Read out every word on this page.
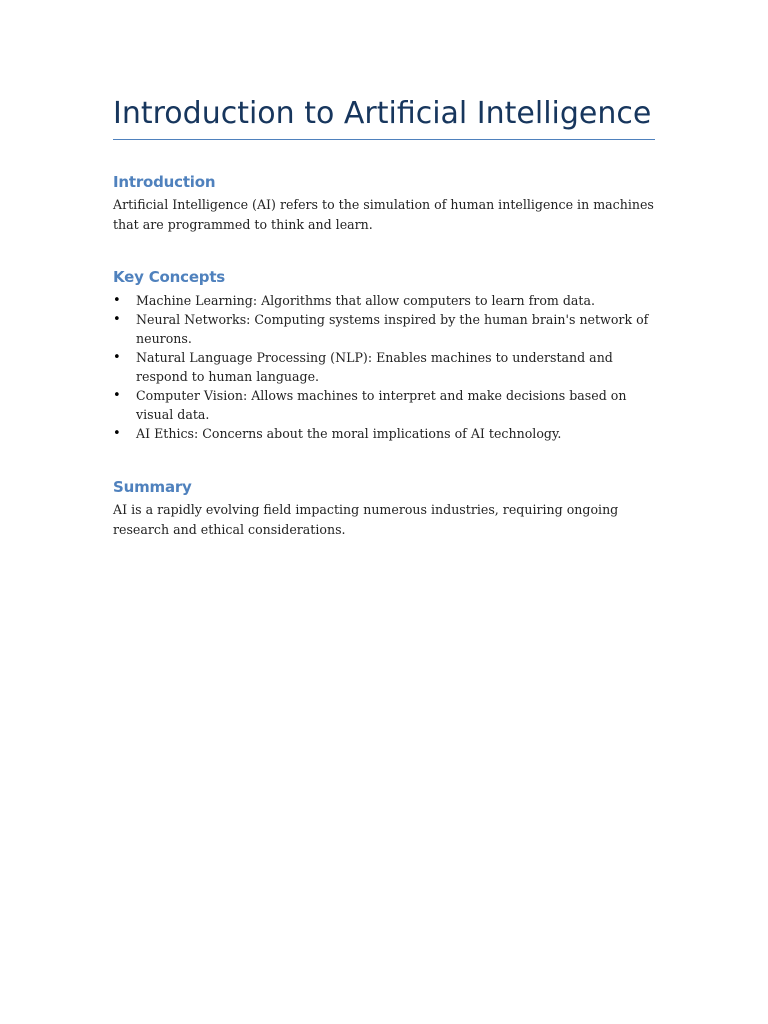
Introduction to Artificial Intelligence
Introduction

Artificial Intelligence (AI) refers to the simulation of human intelligence in machines that are programmed to think and learn.

Key Concepts
• Machine Learning: Algorithms that allow computers to learn from data.
• Neural Networks: Computing systems inspired by the human brain's network of neurons.
• Natural Language Processing (NLP): Enables machines to understand and respond to human language.
• Computer Vision: Allows machines to interpret and make decisions based on visual data.
• AI Ethics: Concerns about the moral implications of AI technology.
Summary

AI is a rapidly evolving field impacting numerous industries, requiring ongoing research and ethical considerations.
